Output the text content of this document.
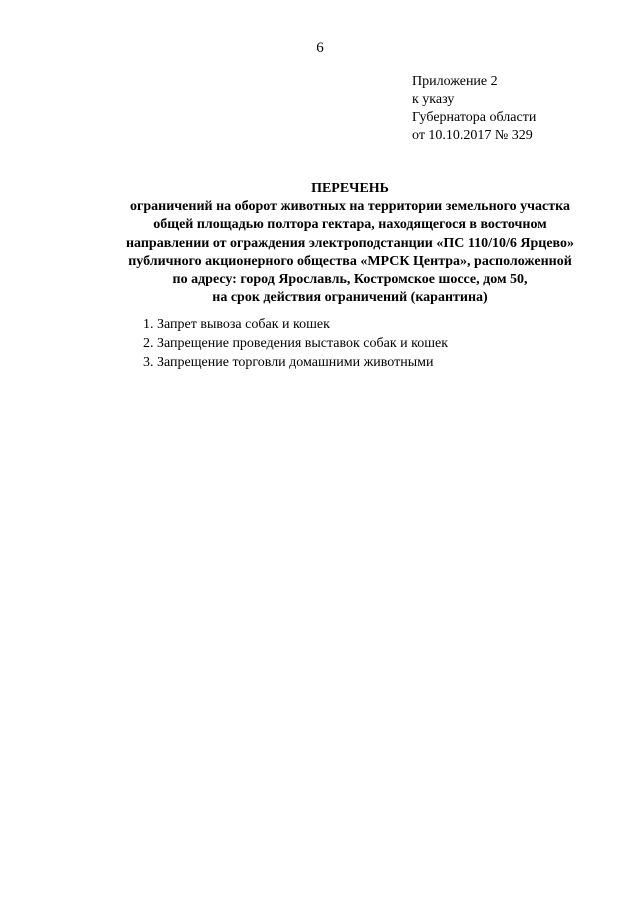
6
Приложение 2
к указу
Губернатора области
от 10.10.2017 № 329
ПЕРЕЧЕНЬ
ограничений на оборот животных на территории земельного участка
общей площадью полтора гектара, находящегося в восточном
направлении от ограждения электроподстанции «ПС 110/10/6 Ярцево»
публичного акционерного общества «МРСК Центра», расположенной
по адресу: город Ярославль, Костромское шоссе, дом 50,
на срок действия ограничений (карантина)
1. Запрет вывоза собак и кошек
2. Запрещение проведения выставок собак и кошек
3. Запрещение торговли домашними животными
